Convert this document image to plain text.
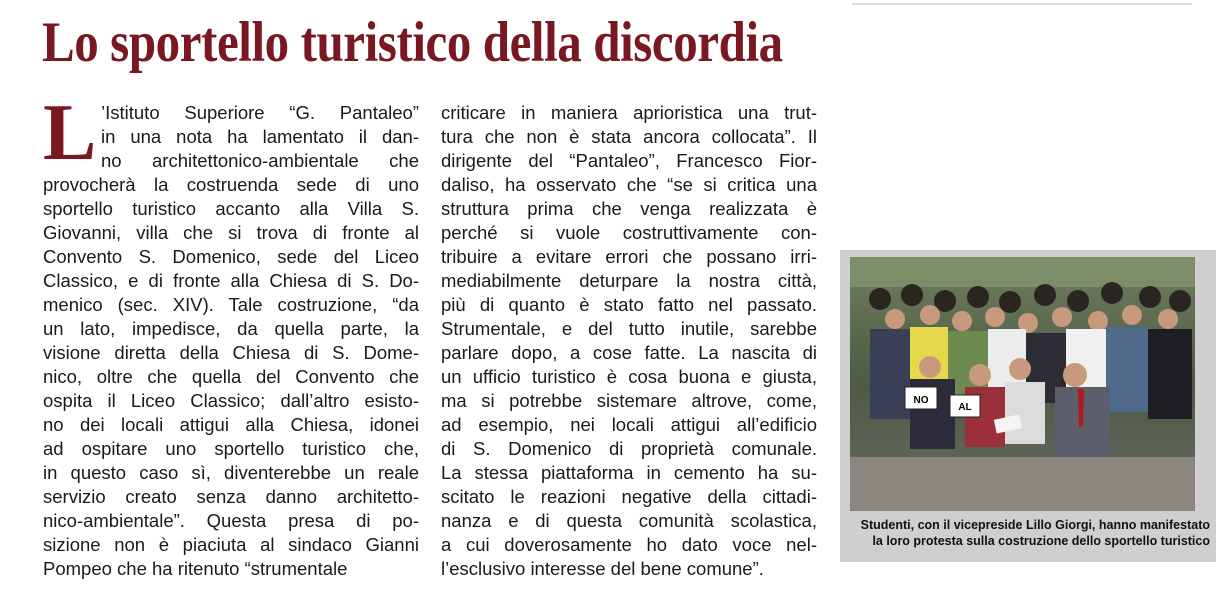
Lo sportello turistico della discordia
L ’Istituto Superiore “G. Pantaleo”
in una nota ha lamentato il dan-
no architettonico-ambientale che
provocherà la costruenda sede di uno
sportello turistico accanto alla Villa S.
Giovanni, villa che si trova di fronte al
Convento S. Domenico, sede del Liceo
Classico, e di fronte alla Chiesa di S. Do-
menico (sec. XIV). Tale costruzione, “da
un lato, impedisce, da quella parte, la
visione diretta della Chiesa di S. Dome-
nico, oltre che quella del Convento che
ospita il Liceo Classico; dall’altro esisto-
no dei locali attigui alla Chiesa, idonei
ad ospitare uno sportello turistico che,
in questo caso sì, diventerebbe un reale
servizio creato senza danno architetto-
nico-ambientale”. Questa presa di po-
sizione non è piaciuta al sindaco Gianni
Pompeo che ha ritenuto “strumentale
criticare in maniera aprioristica una trut-
tura che non è stata ancora collocata”. Il
dirigente del “Pantaleo”, Francesco Fior-
daliso, ha osservato che “se si critica una
struttura prima che venga realizzata è
perché si vuole costruttivamente con-
tribuire a evitare errori che possano irri-
mediabilmente deturpare la nostra città,
più di quanto è stato fatto nel passato.
Strumentale, e del tutto inutile, sarebbe
parlare dopo, a cose fatte. La nascita di
un ufficio turistico è cosa buona e giusta,
ma si potrebbe sistemare altrove, come,
ad esempio, nei locali attigui all’edificio
di S. Domenico di proprietà comunale.
La stessa piattaforma in cemento ha su-
scitato le reazioni negative della cittadi-
nanza e di questa comunità scolastica,
a cui doverosamente ho dato voce nel-
l’esclusivo interesse del bene comune”.
NO
AL
Studenti, con il vicepreside Lillo Giorgi, hanno manifestato
la loro protesta sulla costruzione dello sportello turistico
